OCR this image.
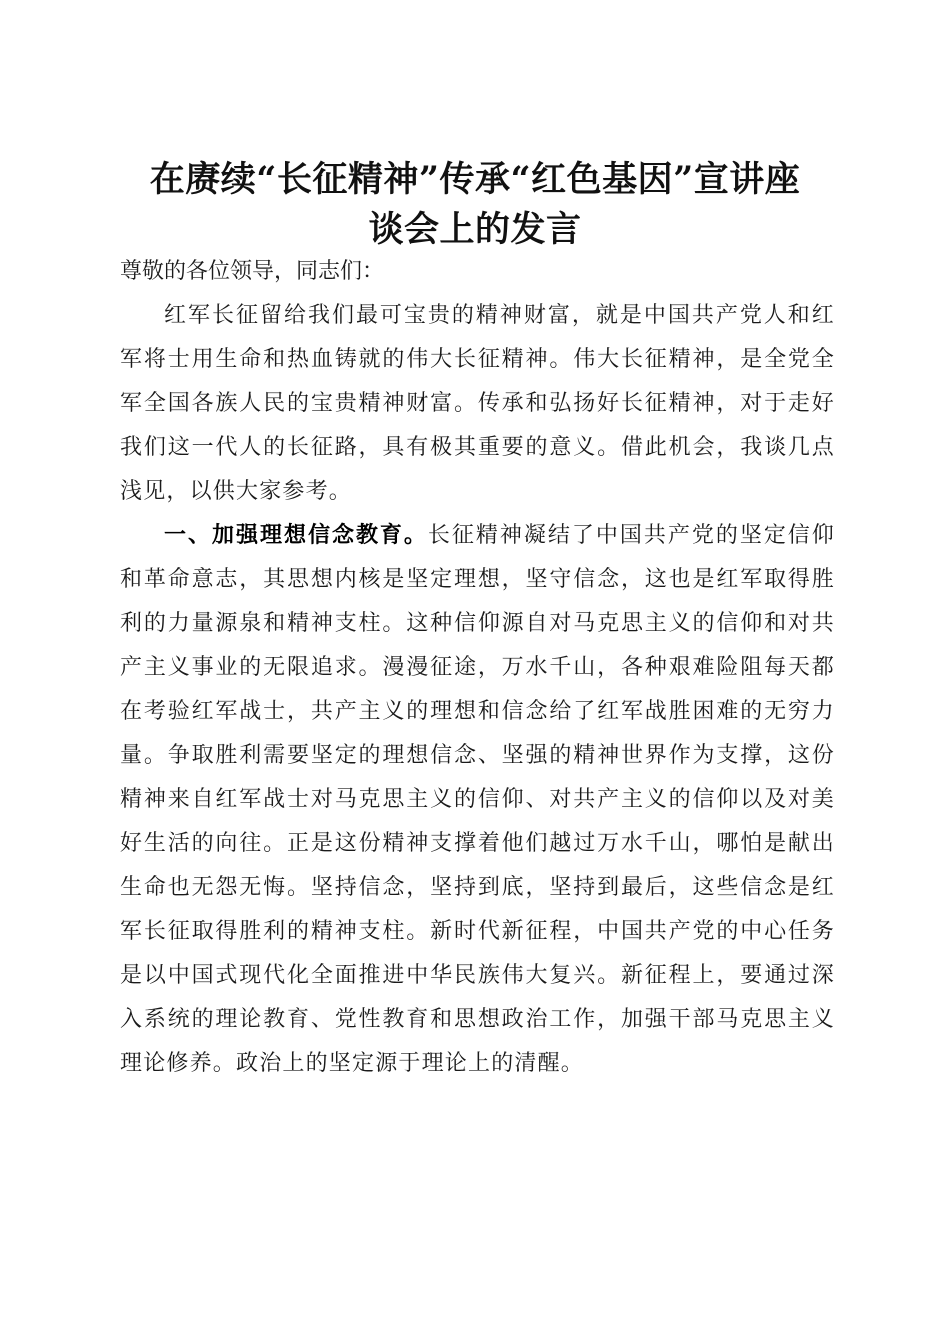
在赓续“长征精神”传承“红色基因”宣讲座
谈会上的发言

尊敬的各位领导，同志们：

红军长征留给我们最可宝贵的精神财富，就是中国共产党人和红军将士用生命和热血铸就的伟大长征精神。伟大长征精神，是全党全军全国各族人民的宝贵精神财富。传承和弘扬好长征精神，对于走好我们这一代人的长征路，具有极其重要的意义。借此机会，我谈几点浅见，以供大家参考。

一、加强理想信念教育。长征精神凝结了中国共产党的坚定信仰和革命意志，其思想内核是坚定理想，坚守信念，这也是红军取得胜利的力量源泉和精神支柱。这种信仰源自对马克思主义的信仰和对共产主义事业的无限追求。漫漫征途，万水千山，各种艰难险阻每天都在考验红军战士，共产主义的理想和信念给了红军战胜困难的无穷力量。争取胜利需要坚定的理想信念、坚强的精神世界作为支撑，这份精神来自红军战士对马克思主义的信仰、对共产主义的信仰以及对美好生活的向往。正是这份精神支撑着他们越过万水千山，哪怕是献出生命也无怨无悔。坚持信念，坚持到底，坚持到最后，这些信念是红军长征取得胜利的精神支柱。新时代新征程，中国共产党的中心任务是以中国式现代化全面推进中华民族伟大复兴。新征程上，要通过深入系统的理论教育、党性教育和思想政治工作，加强干部马克思主义理论修养。政治上的坚定源于理论上的清醒。
